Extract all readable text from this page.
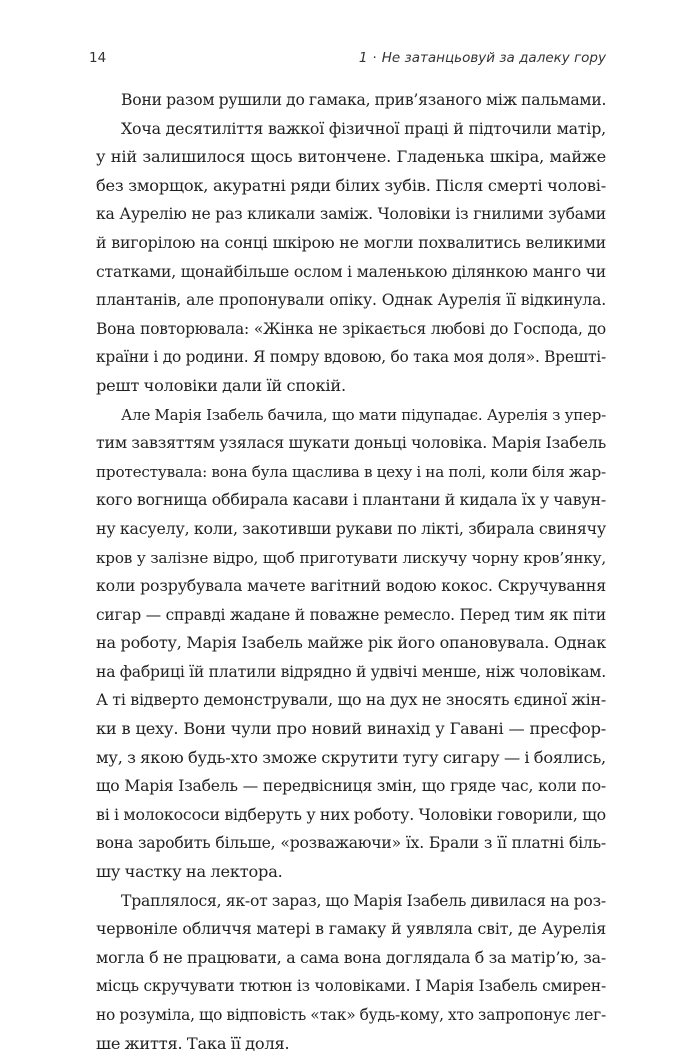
14	1 · Не затанцьовуй за далеку гору
Вони разом рушили до гамака, прив’язаного між пальмами.
Хоча десятиліття важкої фізичної праці й підточили матір,
у ній залишилося щось витончене. Гладенька шкіра, майже
без зморщок, акуратні ряди білих зубів. Після смерті чолові-
ка Аурелію не раз кликали заміж. Чоловіки із гнилими зубами
й вигорілою на сонці шкірою не могли похвалитись великими
статками, щонайбільше ослом і маленькою ділянкою манго чи
плантанів, але пропонували опіку. Однак Аурелія її відкинула.
Вона повторювала: «Жінка не зрікається любові до Господа, до
країни і до родини. Я помру вдовою, бо така моя доля». Врешті-
решт чоловіки дали їй спокій.
Але Марія Ізабель бачила, що мати підупадає. Аурелія з упер-
тим завзяттям узялася шукати доньці чоловіка. Марія Ізабель
протестувала: вона була щаслива в цеху і на полі, коли біля жар-
кого вогнища оббирала касави і плантани й кидала їх у чавун-
ну касуелу, коли, закотивши рукави по лікті, збирала свинячу
кров у залізне відро, щоб приготувати лискучу чорну кров’янку,
коли розрубувала мачете вагітний водою кокос. Скручування
сигар — справді жадане й поважне ремесло. Перед тим як піти
на роботу, Марія Ізабель майже рік його опановувала. Однак
на фабриці їй платили відрядно й удвічі менше, ніж чоловікам.
А ті відверто демонстрували, що на дух не зносять єдиної жін-
ки в цеху. Вони чули про новий винахід у Гавані — пресфор-
му, з якою будь-хто зможе скрутити тугу сигару — і боялись,
що Марія Ізабель — передвісниця змін, що гряде час, коли по-
ві і молокососи відберуть у них роботу. Чоловіки говорили, що
вона заробить більше, «розважаючи» їх. Брали з її платні біль-
шу частку на лектора.
Траплялося, як-от зараз, що Марія Ізабель дивилася на роз-
червоніле обличчя матері в гамаку й уявляла світ, де Аурелія
могла б не працювати, а сама вона доглядала б за матір’ю, за-
місць скручувати тютюн із чоловіками. І Марія Ізабель смирен-
но розуміла, що відповість «так» будь-кому, хто запропонує лег-
ше життя. Така її доля.
